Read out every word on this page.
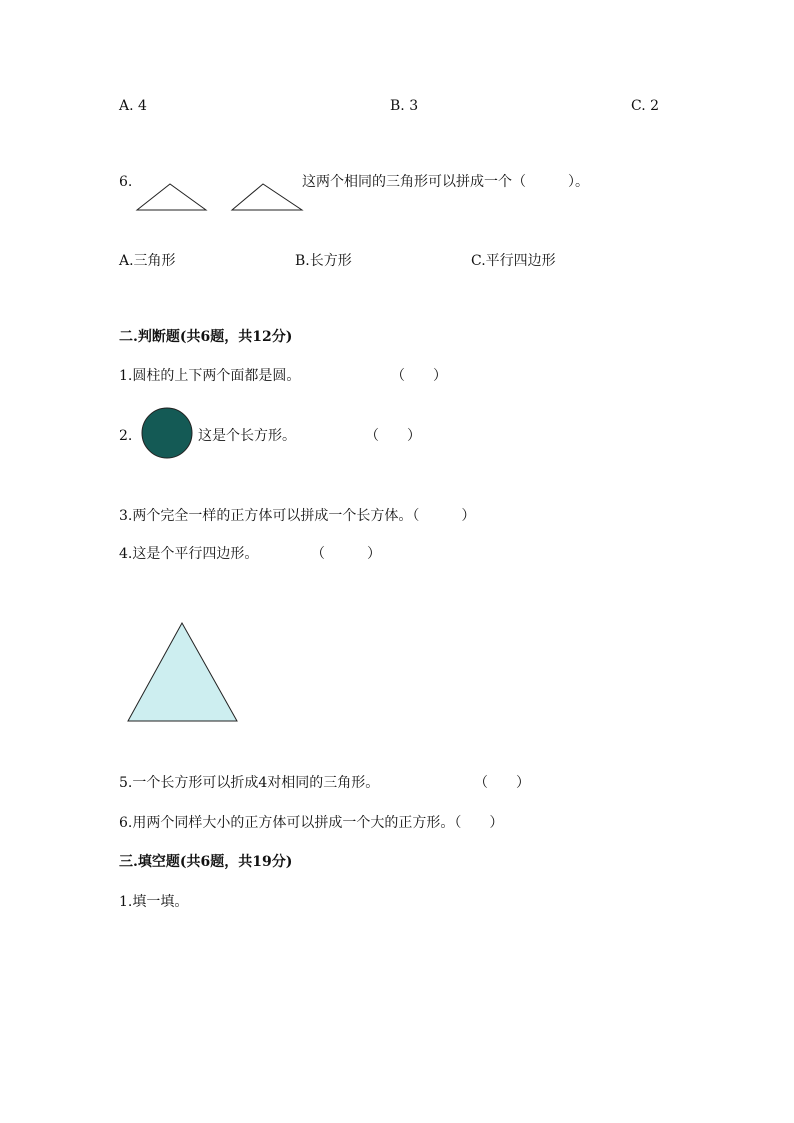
A. 4	B. 3	C. 2
6.	这两个相同的三角形可以拼成一个（　　　）。
A.三角形	B.长方形	C.平行四边形
二.判断题(共6题，共12分)
1.圆柱的上下两个面都是圆。	（　　）
2.	这是个长方形。	（　　）
3.两个完全一样的正方体可以拼成一个长方体。（　　　）
4.这是个平行四边形。	（　　　）
5.一个长方形可以折成4对相同的三角形。	（　　）
6.用两个同样大小的正方体可以拼成一个大的正方形。（　　）
三.填空题(共6题，共19分)
1.填一填。
